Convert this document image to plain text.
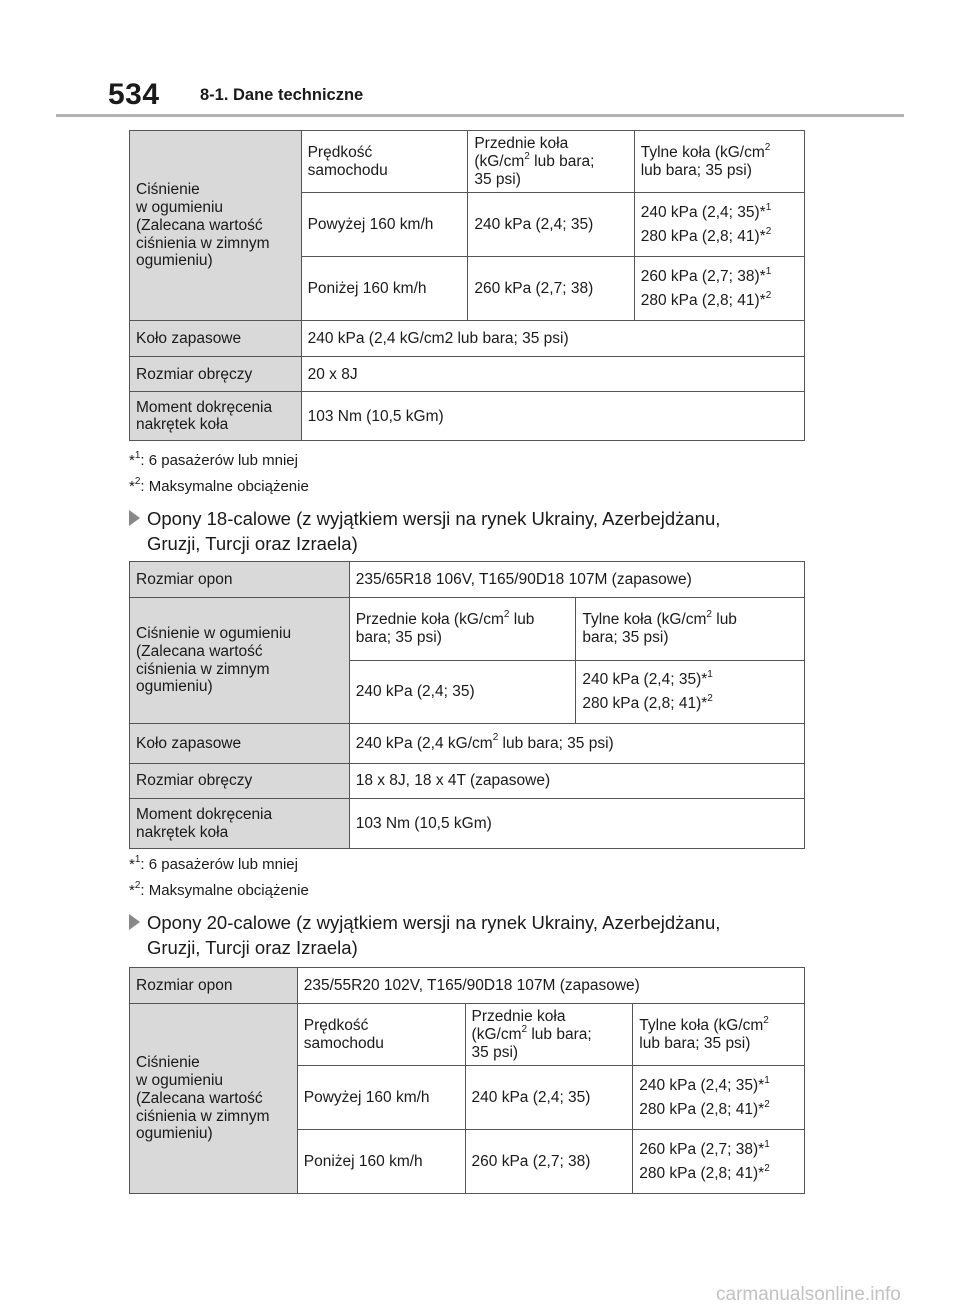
534 8-1. Dane techniczne
Ciśnienie
w ogumieniu
(Zalecana wartość
ciśnienia w zimnym
ogumieniu)	Prędkość
samochodu	Przednie koła
($kG/cm^2$ lub bara;
35 psi)	Tylne koła ($kG/cm^2$
lub bara; 35 psi)
	Powyżej 160 km/h	240 kPa (2,4; 35)	240 kPa (2,4; 35)*$^1$
280 kPa (2,8; 41)*$^2$

	Poniżej 160 km/h	260 kPa (2,7; 38)	260 kPa (2,7; 38)*$^1$
280 kPa (2,8; 41)*$^2$

Koło zapasowe	240 kPa (2,4 kG/cm2 lub bara; 35 psi)		
Rozmiar obręczy	20 x 8J		
Moment dokręcenia
nakrętek koła	103 Nm (10,5 kGm)		
*$^1$: 6 pasażerów lub mniej
*$^2$: Maksymalne obciążenie
Opony 18-calowe (z wyjątkiem wersji na rynek Ukrainy, Azerbejdżanu,
Gruzji, Turcji oraz Izraela)
Rozmiar opon	235/65R18 106V, T165/90D18 107M (zapasowe)	
Ciśnienie w ogumieniu
(Zalecana wartość
ciśnienia w zimnym
ogumieniu)	Przednie koła ($kG/cm^2$ lub
bara; 35 psi)	Tylne koła ($kG/cm^2$ lub
bara; 35 psi)
	240 kPa (2,4; 35)	240 kPa (2,4; 35)*$^1$
280 kPa (2,8; 41)*$^2$

Koło zapasowe	240 kPa (2,4 $kG/cm^2$ lub bara; 35 psi)	
Rozmiar obręczy	18 x 8J, 18 x 4T (zapasowe)	
Moment dokręcenia
nakrętek koła	103 Nm (10,5 kGm)	
*$^1$: 6 pasażerów lub mniej
*$^2$: Maksymalne obciążenie
Opony 20-calowe (z wyjątkiem wersji na rynek Ukrainy, Azerbejdżanu,
Gruzji, Turcji oraz Izraela)
Rozmiar opon	235/55R20 102V, T165/90D18 107M (zapasowe)		
Ciśnienie
w ogumieniu
(Zalecana wartość
ciśnienia w zimnym
ogumieniu)	Prędkość
samochodu	Przednie koła
($kG/cm^2$ lub bara;
35 psi)	Tylne koła ($kG/cm^2$
lub bara; 35 psi)
	Powyżej 160 km/h	240 kPa (2,4; 35)	240 kPa (2,4; 35)*$^1$
280 kPa (2,8; 41)*$^2$

	Poniżej 160 km/h	260 kPa (2,7; 38)	260 kPa (2,7; 38)*$^1$
280 kPa (2,8; 41)*$^2$
carmanualsonline.info
